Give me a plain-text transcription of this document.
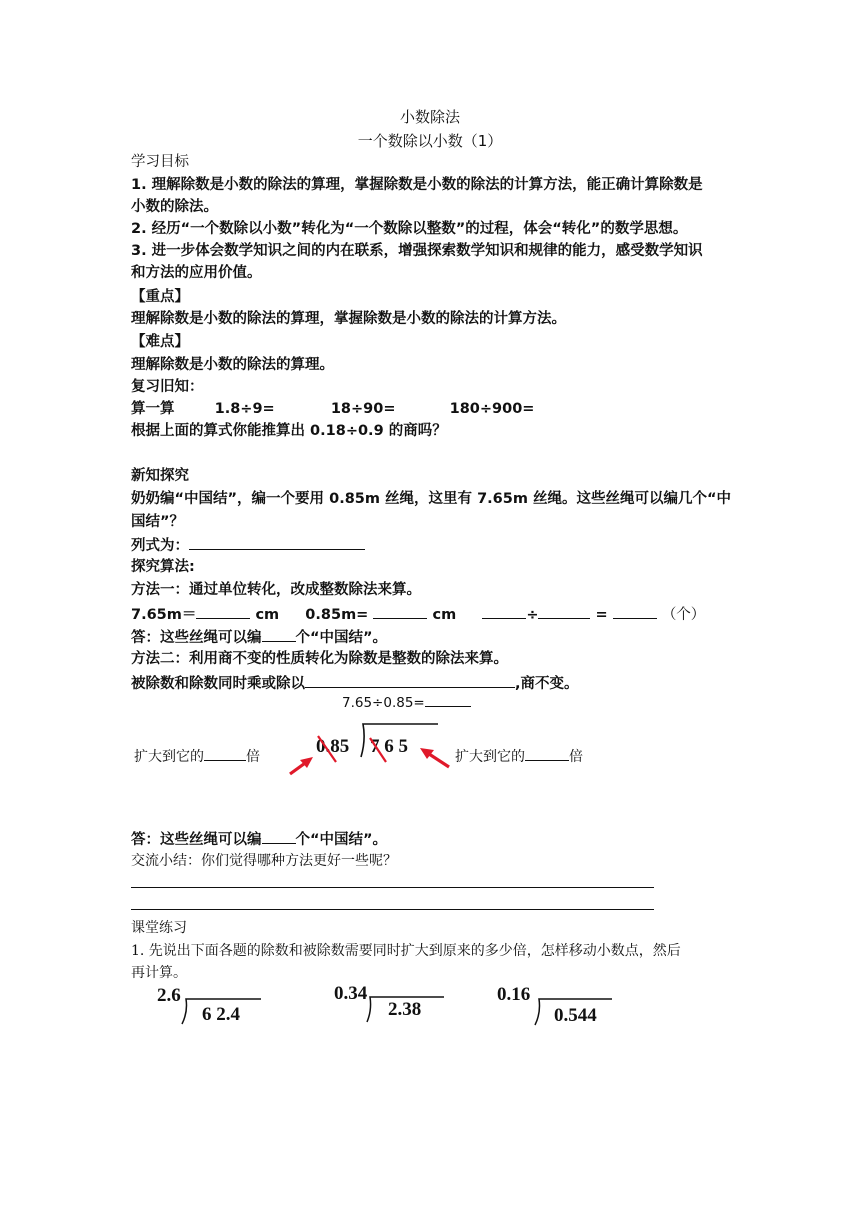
小数除法
一个数除以小数（1）
学习目标
1. 理解除数是小数的除法的算理，掌握除数是小数的除法的计算方法，能正确计算除数是
小数的除法。
2. 经历“一个数除以小数”转化为“一个数除以整数”的过程，体会“转化”的数学思想。
3. 进一步体会数学知识之间的内在联系，增强探索数学知识和规律的能力，感受数学知识
和方法的应用价值。
【重点】
理解除数是小数的除法的算理，掌握除数是小数的除法的计算方法。
【难点】
理解除数是小数的除法的算理。
复习旧知：
算一算	1.8÷9=	18÷90=	180÷900=
根据上面的算式你能推算出 0.18÷0.9 的商吗？
新知探究
奶奶编“中国结”，编一个要用 0.85m 丝绳，这里有 7.65m 丝绳。这些丝绳可以编几个“中
国结”？
列式为：
探究算法:
方法一：通过单位转化，改成整数除法来算。
7.65m＝	cm 0.85m=	cm	÷	=	（个）
答：这些丝绳可以编 个“中国结”。
方法二：利用商不变的性质转化为除数是整数的除法来算。
被除数和除数同时乘或除以	,商不变。
7.65÷0.85=
扩大到它的	倍	0.85 7 6 5	扩大到它的	倍
答：这些丝绳可以编 个“中国结”。
交流小结：你们觉得哪种方法更好一些呢？
课堂练习
1. 先说出下面各题的除数和被除数需要同时扩大到原来的多少倍，怎样移动小数点，然后
再计算。
2.6
6 2.4
0.34
2.38
0.16
0.544
